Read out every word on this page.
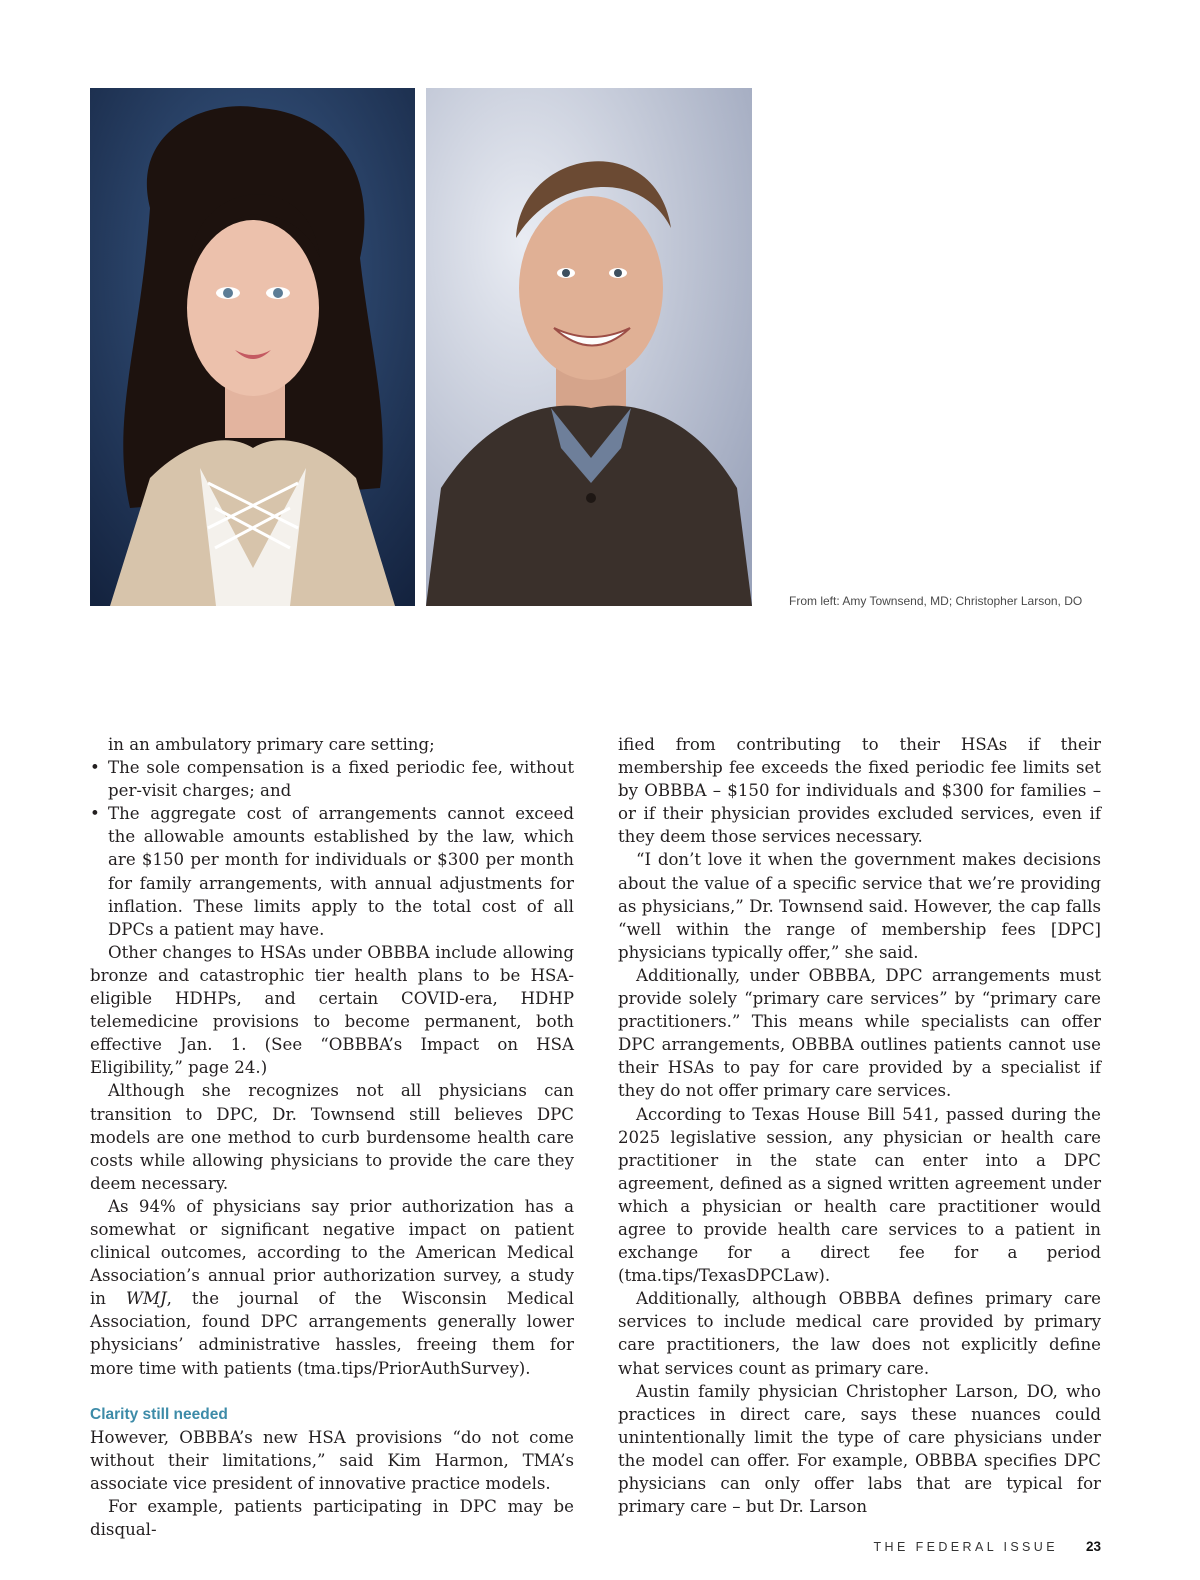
From left: Amy Townsend, MD; Christopher Larson, DO

in an ambulatory primary care setting;

• The sole compensation is a fixed periodic fee, without per-visit charges; and
• The aggregate cost of arrangements cannot exceed the allowable amounts established by the law, which are $150 per month for individuals or $300 per month for family arrangements, with annual adjustments for inflation. These limits apply to the total cost of all DPCs a patient may have.

Other changes to HSAs under OBBBA include allowing bronze and catastrophic tier health plans to be HSA-eligible HDHPs, and certain COVID-era, HDHP telemedicine provisions to become permanent, both effective Jan. 1. (See “OBBBA’s Impact on HSA Eligibility,” page 24.)

Although she recognizes not all physicians can transition to DPC, Dr. Townsend still believes DPC models are one method to curb burdensome health care costs while allowing physicians to provide the care they deem necessary.

As 94% of physicians say prior authorization has a somewhat or significant negative impact on patient clinical outcomes, according to the American Medical Association’s annual prior authorization survey, a study in WMJ, the journal of the Wisconsin Medical Association, found DPC arrangements generally lower physicians’ administrative hassles, freeing them for more time with patients (tma.tips/​PriorAuthSurvey).

Clarity still needed

However, OBBBA’s new HSA provisions “do not come without their limitations,” said Kim Harmon, TMA’s associate vice president of innovative practice models.

For example, patients participating in DPC may be disqual-

ified from contributing to their HSAs if their membership fee exceeds the fixed periodic fee limits set by OBBBA – $150 for individuals and $300 for families – or if their physician provides excluded services, even if they deem those services necessary.

“I don’t love it when the government makes decisions about the value of a specific service that we’re providing as physicians,” Dr. Townsend said. However, the cap falls “well within the range of membership fees [DPC] physicians typically offer,” she said.

Additionally, under OBBBA, DPC arrangements must provide solely “primary care services” by “primary care practitioners.” This means while specialists can offer DPC arrangements, OBBBA outlines patients cannot use their HSAs to pay for care provided by a specialist if they do not offer primary care services.

According to Texas House Bill 541, passed during the 2025 legislative session, any physician or health care practitioner in the state can enter into a DPC agreement, defined as a signed written agreement under which a physician or health care practitioner would agree to provide health care services to a patient in exchange for a direct fee for a period (tma.tips/TexasDPCLaw).

Additionally, although OBBBA defines primary care services to include medical care provided by primary care practitioners, the law does not explicitly define what services count as primary care.

Austin family physician Christopher Larson, DO, who practices in direct care, says these nuances could unintentionally limit the type of care physicians under the model can offer. For example, OBBBA specifies DPC physicians can only offer labs that are typical for primary care – but Dr. Larson

THE FEDERAL ISSUE 23
